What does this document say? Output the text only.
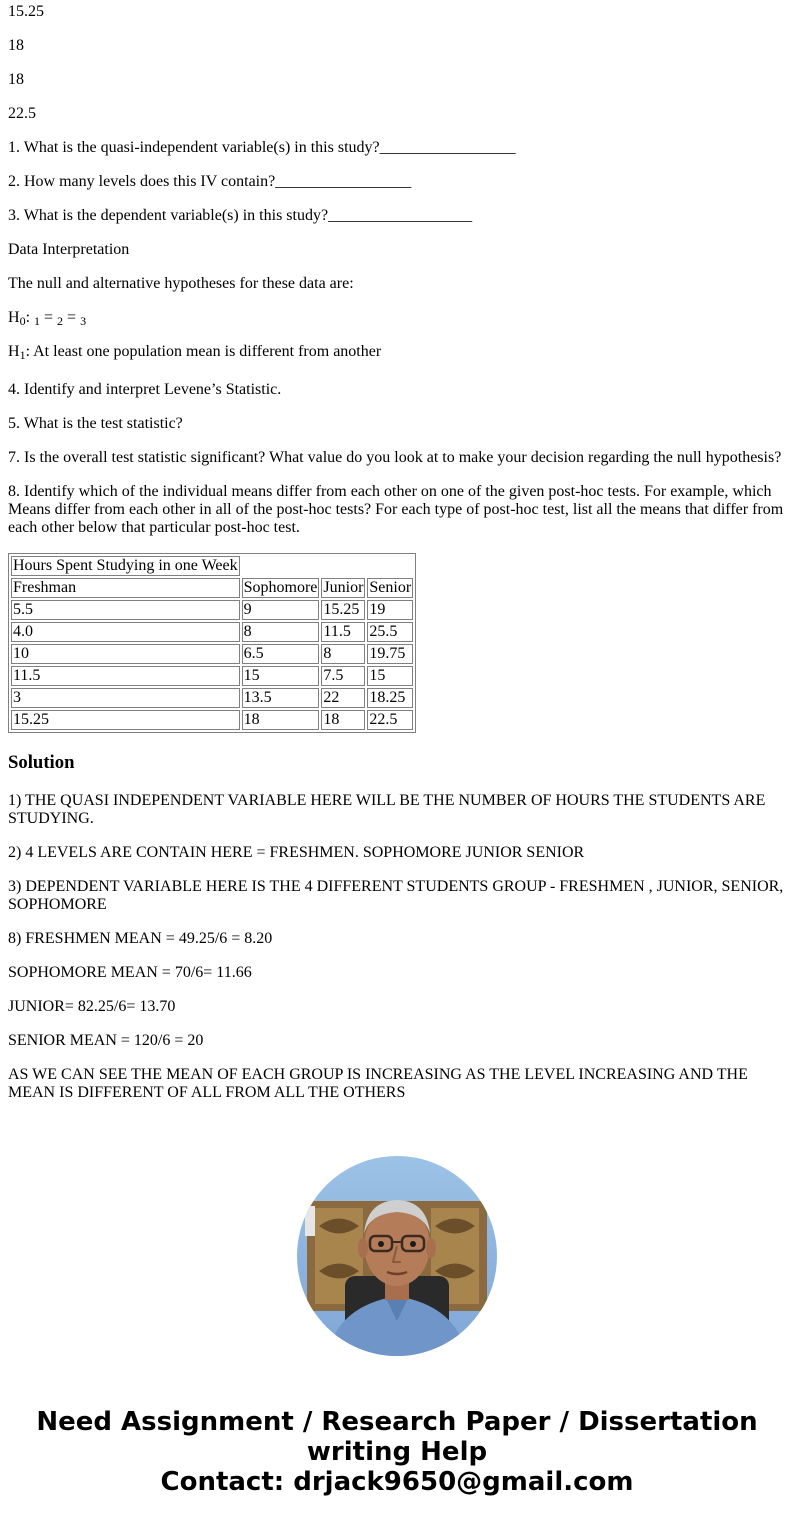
15.25

18

18

22.5

1. What is the quasi-independent variable(s) in this study?_________________

2. How many levels does this IV contain?_________________

3. What is the dependent variable(s) in this study?__________________

Data Interpretation

The null and alternative hypotheses for these data are:

$H_0$: $_1$ = $_2$ = $_3$

$H_1$: At least one population mean is different from another

4. Identify and interpret Levene’s Statistic.

5. What is the test statistic?

7. Is the overall test statistic significant? What value do you look at to make your decision regarding the null hypothesis?

8. Identify which of the individual means differ from each other on one of the given post-hoc tests. For example, which Means differ from each other in all of the post-hoc tests? For each type of post-hoc test, list all the means that differ from each other below that particular post-hoc test.

Hours Spent Studying in one Week			
Freshman	Sophomore	Junior	Senior
5.5	9	15.25	19
4.0	8	11.5	25.5
10	6.5	8	19.75
11.5	15	7.5	15
3	13.5	22	18.25
15.25	18	18	22.5
Solution

1) THE QUASI INDEPENDENT VARIABLE HERE WILL BE THE NUMBER OF HOURS THE STUDENTS ARE STUDYING.

2) 4 LEVELS ARE CONTAIN HERE = FRESHMEN. SOPHOMORE JUNIOR SENIOR

3) DEPENDENT VARIABLE HERE IS THE 4 DIFFERENT STUDENTS GROUP - FRESHMEN , JUNIOR, SENIOR, SOPHOMORE

8) FRESHMEN MEAN = 49.25/6 = 8.20

SOPHOMORE MEAN = 70/6= 11.66

JUNIOR= 82.25/6= 13.70

SENIOR MEAN = 120/6 = 20

AS WE CAN SEE THE MEAN OF EACH GROUP IS INCREASING AS THE LEVEL INCREASING AND THE MEAN IS DIFFERENT OF ALL FROM ALL THE OTHERS

Need Assignment / Research Paper / Dissertation
writing Help
Contact: drjack9650@gmail.com
